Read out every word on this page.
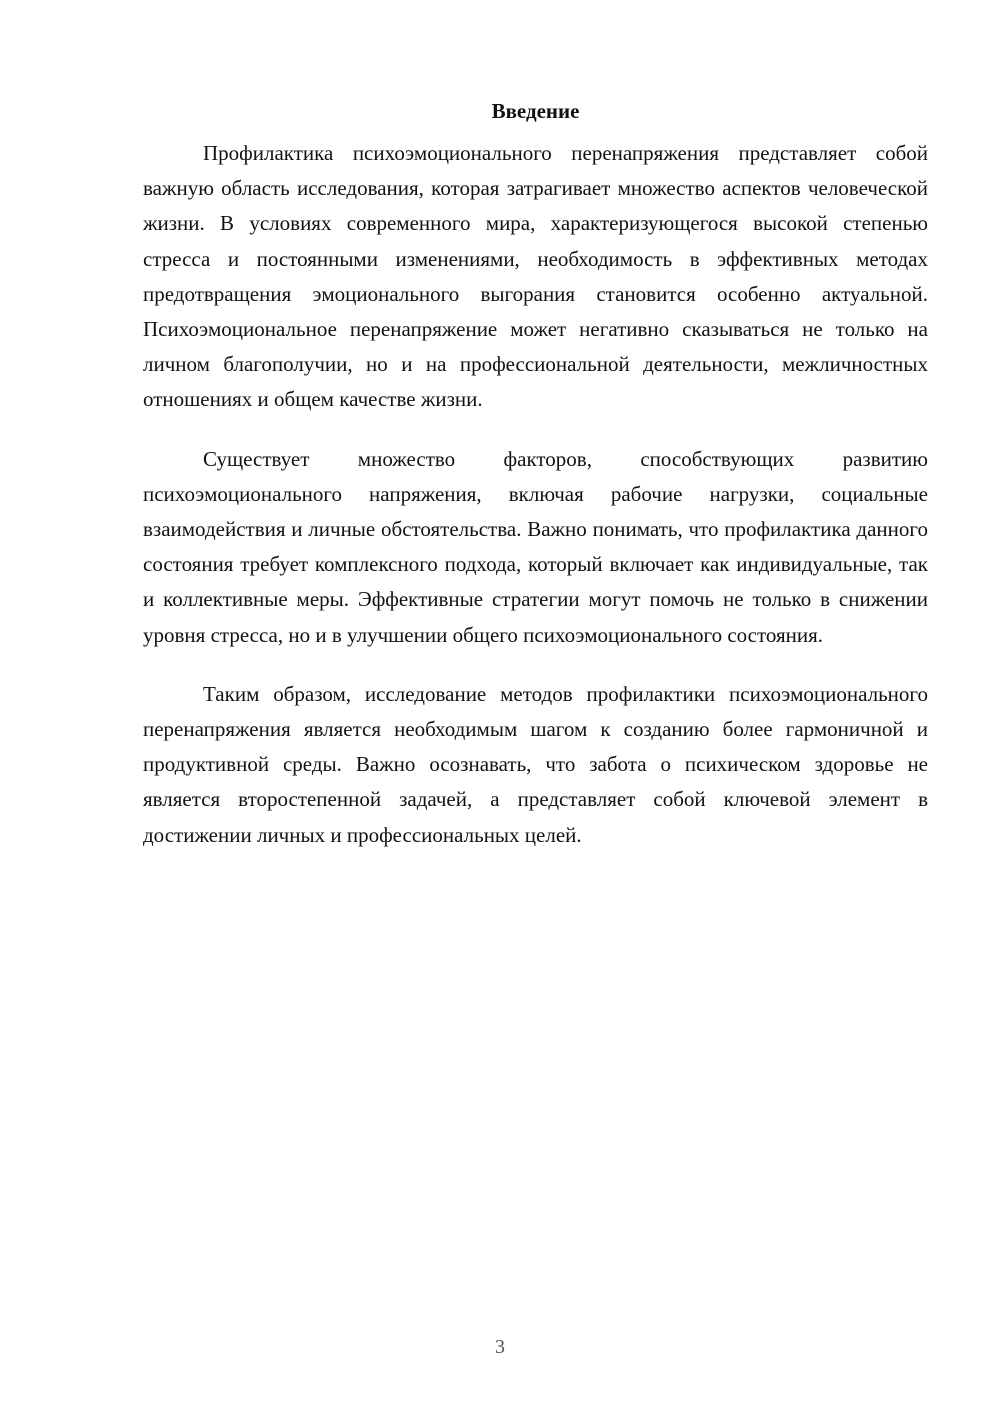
Введение

Профилактика психоэмоционального перенапряжения представляет собой важную область исследования, которая затрагивает множество аспектов человеческой жизни. В условиях современного мира, характеризующегося высокой степенью стресса и постоянными изменениями, необходимость в эффективных методах предотвращения эмоционального выгорания становится особенно актуальной. Психоэмоциональное перенапряжение может негативно сказываться не только на личном благополучии, но и на профессиональной деятельности, межличностных отношениях и общем качестве жизни.

Существует множество факторов, способствующих развитию психоэмоционального напряжения, включая рабочие нагрузки, социальные взаимодействия и личные обстоятельства. Важно понимать, что профилактика данного состояния требует комплексного подхода, который включает как индивидуальные, так и коллективные меры. Эффективные стратегии могут помочь не только в снижении уровня стресса, но и в улучшении общего психоэмоционального состояния.

Таким образом, исследование методов профилактики психоэмоционального перенапряжения является необходимым шагом к созданию более гармоничной и продуктивной среды. Важно осознавать, что забота о психическом здоровье не является второстепенной задачей, а представляет собой ключевой элемент в достижении личных и профессиональных целей.

3
